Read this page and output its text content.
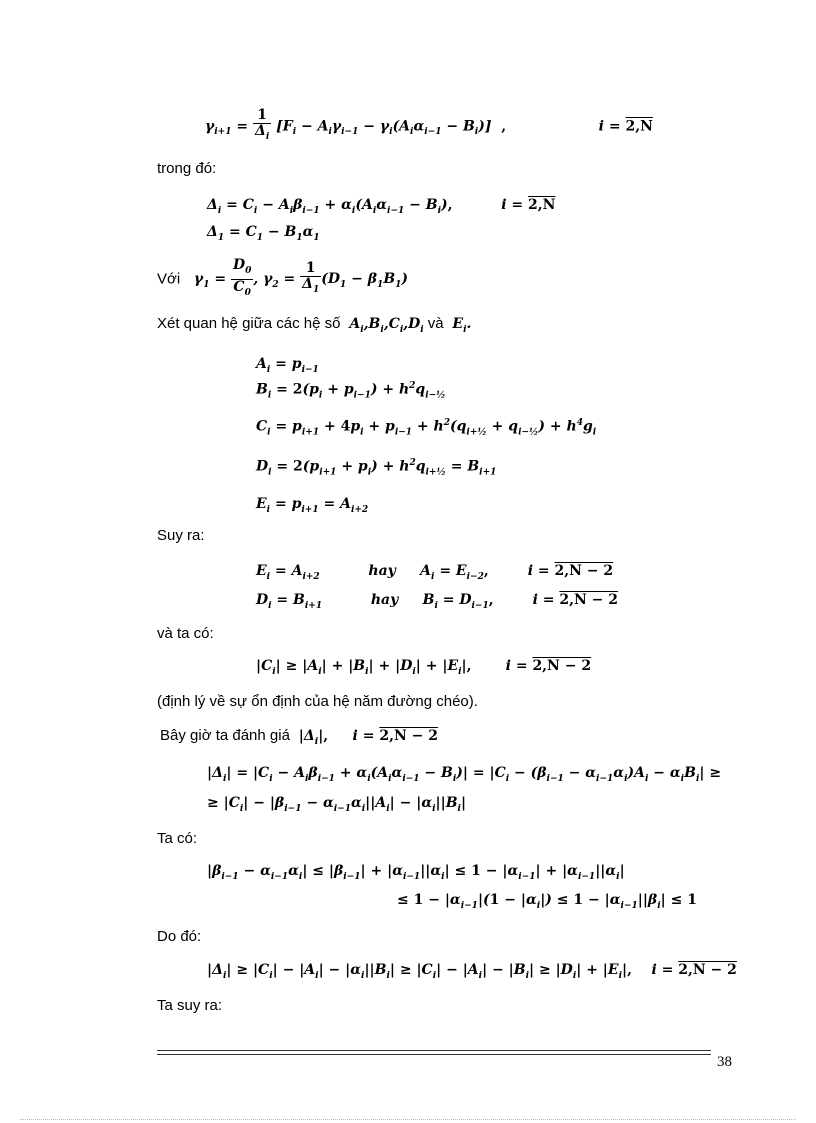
$\gamma_{i+1} = \frac{1}{\Delta_i} [F_i - A_i\gamma_{i-1} - \gamma_i(A_i\alpha_{i-1} - B_i)]$  ,                   i = 2,N
trong đó:
$\Delta_i = C_i - A_i\beta_{i-1} + \alpha_i(A_i\alpha_{i-1} - B_i)$,          i = 2,N
$\Delta_1 = C_1 - B_1\alpha_1$
Với   $\gamma_1 = \frac{D_0}{C_0}$ , $\gamma_2 = \frac{1}{\Delta_1} (D_1 - \beta_1B_1)$
Xét quan hệ giữa các hệ số  $A_i,B_i,C_i,D_i$ và  $E_i$.
$A_i = p_{i-1}$
$B_i = 2(p_i + p_{i-1}) + h^2q_{i-\frac{1}{2}}$
$C_i = p_{i+1} + 4p_i + p_{i-1} + h^2(q_{i+\frac{1}{2}} + q_{i-\frac{1}{2}}) + h^4g_i$
$D_i = 2(p_{i+1} + p_i) + h^2q_{i+\frac{1}{2}} = B_{i+1}$
$E_i = p_{i+1} = A_{i+2}$
Suy ra:
$E_i = A_{i+2}$          hay     $A_i = E_{i-2}$,        i = 2,N − 2
$D_i = B_{i+1}$          hay     $B_i = D_{i-1}$,        i = 2,N − 2
và ta có:
$|C_i| \ge |A_i| + |B_i| + |D_i| + |E_i|$,       i = 2,N − 2
(định lý về sự ổn định của hệ năm đường chéo).
Bây giờ ta đánh giá  $|\Delta_i|$,     i = 2,N − 2
$|\Delta_i| = |C_i - A_i\beta_{i-1} + \alpha_i(A_i\alpha_{i-1} - B_i)| = |C_i - (\beta_{i-1} - \alpha_{i-1}\alpha_i)A_i - \alpha_iB_i|$ ≥
≥ $|C_i| - |\beta_{i-1} - \alpha_{i-1}\alpha_i||A_i| - |\alpha_i||B_i|$
Ta có:
$|\beta_{i-1} - \alpha_{i-1}\alpha_i| \le |\beta_{i-1}| + |\alpha_{i-1}||\alpha_i| \le 1 - |\alpha_{i-1}| + |\alpha_{i-1}||\alpha_i|$
≤ $1 - |\alpha_{i-1}|(1 - |\alpha_i|) \le 1 - |\alpha_{i-1}||\beta_i| \le 1$
Do đó:
$|\Delta_i| \ge |C_i| - |A_i| - |\alpha_i||B_i| \ge |C_i| - |A_i| - |B_i| \ge |D_i| + |E_i|$,    i = 2,N − 2
Ta suy ra:
38
